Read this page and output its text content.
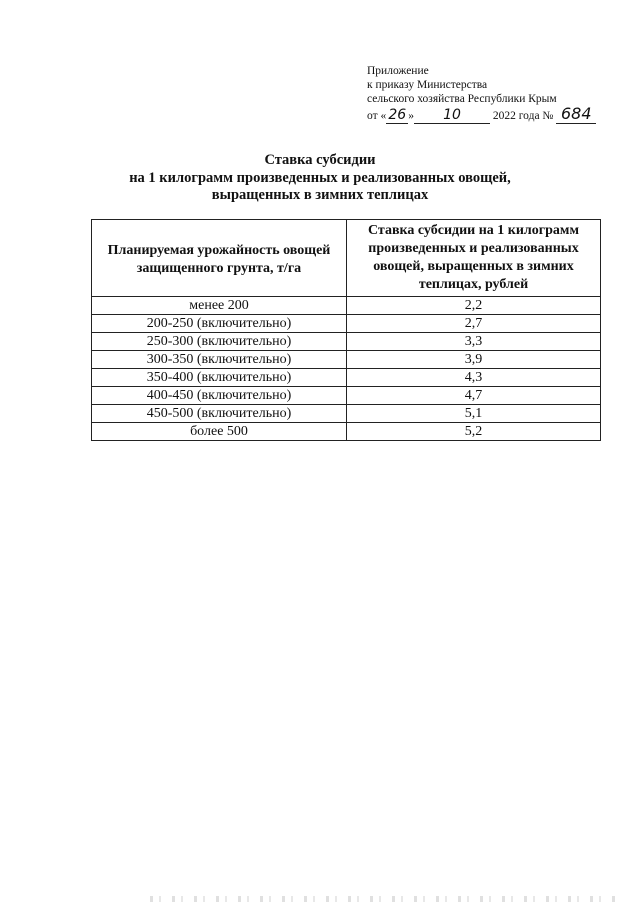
Приложение
к приказу Министерства
сельского хозяйства Республики Крым
от « 26 » 10	2022 года № 684
Ставка субсидии
на 1 килограмм произведенных и реализованных овощей,
выращенных в зимних теплицах
Планируемая урожайность овощей защищенного грунта, т/га	Ставка субсидии на 1 килограмм произведенных и реализованных овощей, выращенных в зимних теплицах, рублей
менее 200	2,2
200-250 (включительно)	2,7
250-300 (включительно)	3,3
300-350 (включительно)	3,9
350-400 (включительно)	4,3
400-450 (включительно)	4,7
450-500 (включительно)	5,1
более 500	5,2
